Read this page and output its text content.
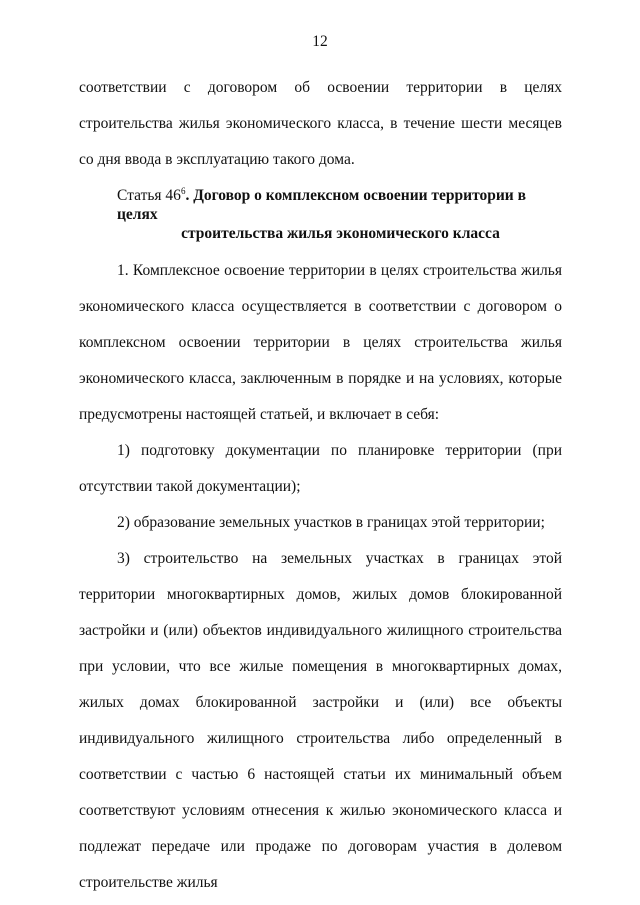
12

соответствии с договором об освоении территории в целях строительства жилья экономического класса, в течение шести месяцев со дня ввода в эксплуатацию такого дома.

Статья $46^6$. Договор о комплексном освоении территории в целях
строительства жилья экономического класса

1. Комплексное освоение территории в целях строительства жилья экономического класса осуществляется в соответствии с договором о комплексном освоении территории в целях строительства жилья экономического класса, заключенным в порядке и на условиях, которые предусмотрены настоящей статьей, и включает в себя:

1) подготовку документации по планировке территории (при отсутствии такой документации);

2) образование земельных участков в границах этой территории;

3) строительство на земельных участках в границах этой территории многоквартирных домов, жилых домов блокированной застройки и (или) объектов индивидуального жилищного строительства при условии, что все жилые помещения в многоквартирных домах, жилых домах блокированной застройки и (или) все объекты индивидуального жилищного строительства либо определенный в соответствии с частью 6 настоящей статьи их минимальный объем соответствуют условиям отнесения к жилью экономического класса и подлежат передаче или продаже по договорам участия в долевом строительстве жилья
